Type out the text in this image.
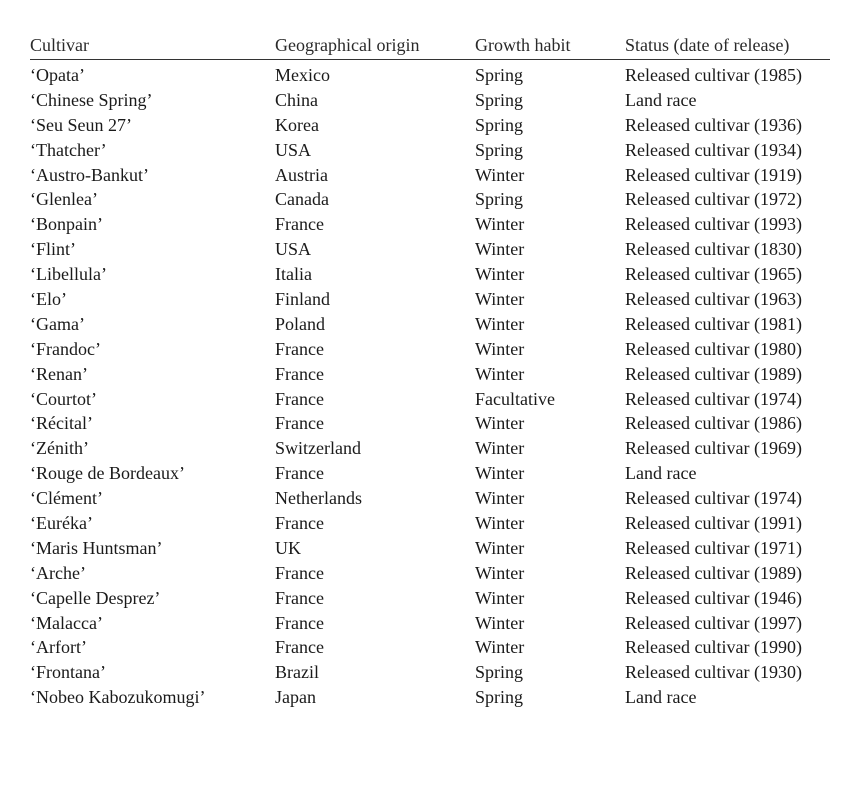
Cultivar	Geographical origin	Growth habit	Status (date of release)
‘Opata’	Mexico	Spring	Released cultivar (1985)
‘Chinese Spring’	China	Spring	Land race
‘Seu Seun 27’	Korea	Spring	Released cultivar (1936)
‘Thatcher’	USA	Spring	Released cultivar (1934)
‘Austro-Bankut’	Austria	Winter	Released cultivar (1919)
‘Glenlea’	Canada	Spring	Released cultivar (1972)
‘Bonpain’	France	Winter	Released cultivar (1993)
‘Flint’	USA	Winter	Released cultivar (1830)
‘Libellula’	Italia	Winter	Released cultivar (1965)
‘Elo’	Finland	Winter	Released cultivar (1963)
‘Gama’	Poland	Winter	Released cultivar (1981)
‘Frandoc’	France	Winter	Released cultivar (1980)
‘Renan’	France	Winter	Released cultivar (1989)
‘Courtot’	France	Facultative	Released cultivar (1974)
‘Récital’	France	Winter	Released cultivar (1986)
‘Zénith’	Switzerland	Winter	Released cultivar (1969)
‘Rouge de Bordeaux’	France	Winter	Land race
‘Clément’	Netherlands	Winter	Released cultivar (1974)
‘Euréka’	France	Winter	Released cultivar (1991)
‘Maris Huntsman’	UK	Winter	Released cultivar (1971)
‘Arche’	France	Winter	Released cultivar (1989)
‘Capelle Desprez’	France	Winter	Released cultivar (1946)
‘Malacca’	France	Winter	Released cultivar (1997)
‘Arfort’	France	Winter	Released cultivar (1990)
‘Frontana’	Brazil	Spring	Released cultivar (1930)
‘Nobeo Kabozukomugi’	Japan	Spring	Land race
